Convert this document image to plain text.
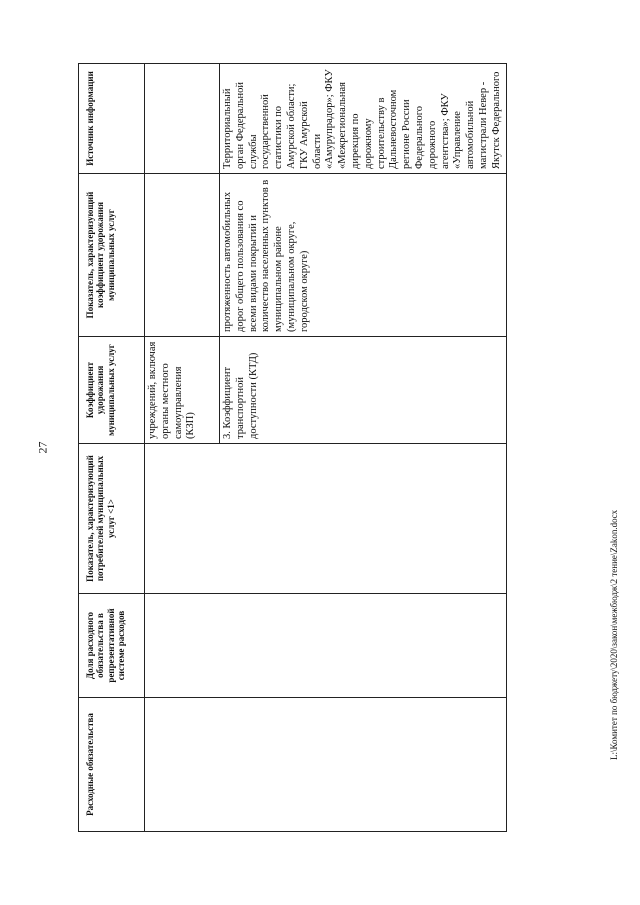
27
Расходные обязательства	Доля расходного обязательства в репрезентативной системе расходов	Показатель, характеризующий потребителей муниципальных услуг <1>	Коэффициент удорожания муниципальных услуг	Показатель, характеризующий коэффициент удорожания муниципальных услуг	Источник информации
			учреждений, включая органы местного самоуправления (КЗП)		

			3. Коэффициент транспортной доступности (КТД)	протяженность автомобильных дорог общего пользования со всеми видами покрытий и количество населенных пунктов в муниципальном районе (муниципальном округе, городском округе)	Территориальный орган Федеральной службы государственной статистики по Амурской области; ГКУ Амурской области «Амурупрадор»; ФКУ «Межрегиональная дирекция по дорожному строительству в Дальневосточном регионе России Федерального дорожного агентства»; ФКУ «Управление автомобильной магистрали Невер - Якутск Федерального
L:\Комитет по бюджету\2020\закон\межбюдж\2 тение\Zakon.docx
